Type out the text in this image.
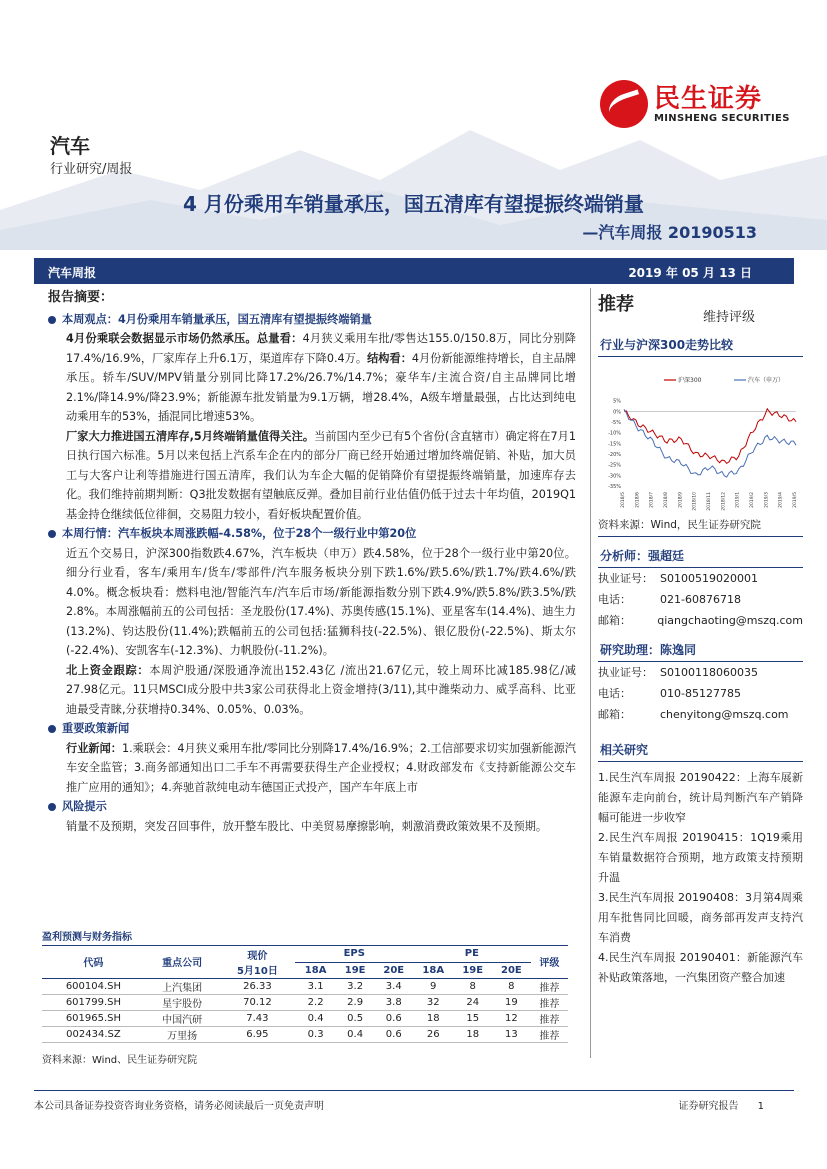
民生证券
MINSHENG SECURITIES
汽车
行业研究/周报
4 月份乘用车销量承压，国五清库有望提振终端销量
—汽车周报 20190513
汽车周报	2019 年 05 月 13 日
报告摘要：
本周观点：4月份乘用车销量承压，国五清库有望提振终端销量
4月份乘联会数据显示市场仍然承压。总量看：4月狭义乘用车批/零售达155.0/150.8万，同比分别降17.4%/16.9%，厂家库存上升6.1万，渠道库存下降0.4万。结构看：4月份新能源维持增长，自主品牌承压。轿车/SUV/MPV销量分别同比降17.2%/26.7%/14.7%；豪华车/主流合资/自主品牌同比增2.1%/降14.9%/降23.9%；新能源车批发销量为9.1万辆，增28.4%，A级车增量最强，占比达到纯电动乘用车的53%，插混同比增速53%。
厂家大力推进国五清库存,5月终端销量值得关注。当前国内至少已有5个省份(含直辖市）确定将在7月1日执行国六标准。5月以来包括上汽系车企在内的部分厂商已经开始通过增加终端促销、补贴，加大员工与大客户让利等措施进行国五清库，我们认为车企大幅的促销降价有望提振终端销量，加速库存去化。我们维持前期判断：Q3批发数据有望触底反弹。叠加目前行业估值仍低于过去十年均值，2019Q1基金持仓继续低位徘徊，交易阻力较小，看好板块配置价值。
本周行情：汽车板块本周涨跌幅-4.58%，位于28个一级行业中第20位
近五个交易日，沪深300指数跌4.67%，汽车板块（申万）跌4.58%，位于28个一级行业中第20位。细分行业看，客车/乘用车/货车/零部件/汽车服务板块分别下跌1.6%/跌5.6%/跌1.7%/跌4.6%/跌4.0%。概念板块看：燃料电池/智能汽车/汽车后市场/新能源指数分别下跌4.9%/跌5.8%/跌3.5%/跌2.8%。本周涨幅前五的公司包括：圣龙股份(17.4%)、苏奥传感(15.1%)、亚星客车(14.4%)、迪生力(13.2%)、钧达股份(11.4%);跌幅前五的公司包括:猛狮科技(-22.5%)、银亿股份(-22.5%)、斯太尔(-22.4%)、安凯客车(-12.3%)、力帆股份(-11.2%)。
北上资金跟踪：本周沪股通/深股通净流出152.43亿 /流出21.67亿元，较上周环比减185.98亿/减27.98亿元。11只MSCI成分股中共3家公司获得北上资金增持(3/11),其中潍柴动力、威孚高科、比亚迪最受青睐,分获增持0.34%、0.05%、0.03%。
重要政策新闻
行业新闻：1.乘联会：4月狭义乘用车批/零同比分别降17.4%/16.9%；2.工信部要求切实加强新能源汽车安全监管；3.商务部通知出口二手车不再需要获得生产企业授权；4.财政部发布《支持新能源公交车推广应用的通知》；4.奔驰首款纯电动车德国正式投产，国产车年底上市
风险提示
销量不及预期，突发召回事件，放开整车股比、中美贸易摩擦影响，刺激消费政策效果不及预期。
推荐
维持评级
行业与沪深300走势比较
资料来源：Wind，民生证券研究院
分析师：强超廷
执业证号： S0100519020001
电话：	021-60876718
邮箱：	qiangchaoting@mszq.com
研究助理：陈逸同
执业证号： S0100118060035
电话：	010-85127785
邮箱：	chenyitong@mszq.com
相关研究
1.民生汽车周报 20190422：上海车展新能源车走向前台，统计局判断汽车产销降幅可能进一步收窄
2.民生汽车周报 20190415：1Q19乘用车销量数据符合预期，地方政策支持预期升温
3.民生汽车周报 20190408：3月第4周乘用车批售同比回暖，商务部再发声支持汽车消费
4.民生汽车周报 20190401：新能源汽车补贴政策落地，一汽集团资产整合加速
5%
0%
-5%
-10%
-15%
-20%
-25%
-30%
-35%
2018/5 2018/6 2018/7 2018/8 2018/9 2018/10 2018/11 2018/12 2019/1 2019/2 2019/3 2019/4 2019/5
沪深300	汽车（申万）
盈利预测与财务指标
代码	重点公司	现价	EPS			PE			评级
		5月10日	18A	19E	20E	18A	19E	20E	
600104.SH	上汽集团	26.33	3.1	3.2	3.4	9	8	8	推荐
601799.SH	星宇股份	70.12	2.2	2.9	3.8	32	24	19	推荐
601965.SH	中国汽研	7.43	0.4	0.5	0.6	18	15	12	推荐
002434.SZ	万里扬	6.95	0.3	0.4	0.6	26	18	13	推荐
资料来源：Wind、民生证券研究院
本公司具备证券投资咨询业务资格，请务必阅读最后一页免责声明	证券研究报告 1
